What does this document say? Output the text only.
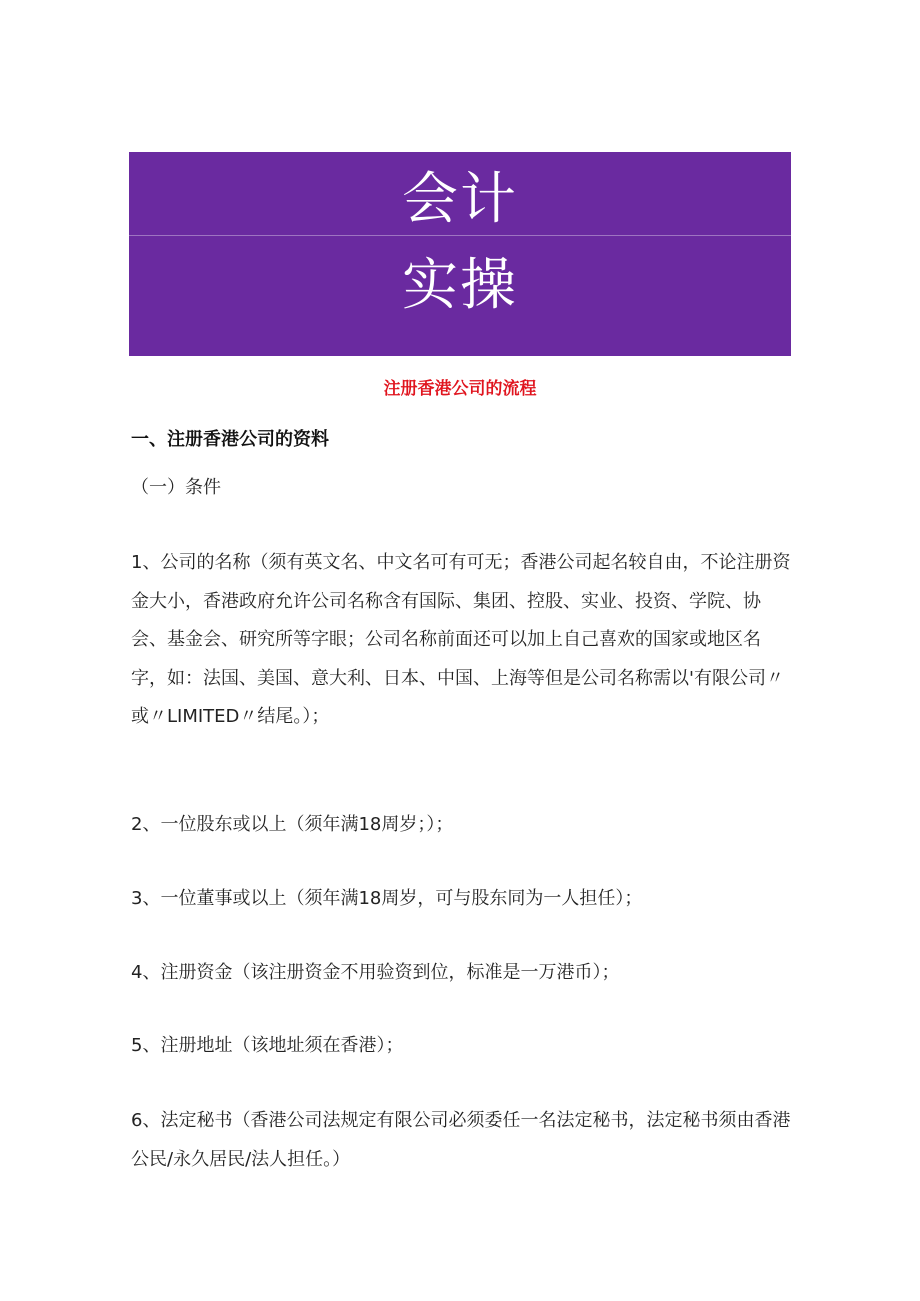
会计
实操
注册香港公司的流程
一、注册香港公司的资料
（一）条件
1、公司的名称（须有英文名、中文名可有可无；香港公司起名较自由，不论注册资金大小，香港政府允许公司名称含有国际、集团、控股、实业、投资、学院、协会、基金会、研究所等字眼；公司名称前面还可以加上自己喜欢的国家或地区名字，如：法国、美国、意大利、日本、中国、上海等但是公司名称需以'有限公司〃或〃LIMITED〃结尾。）；
2、一位股东或以上（须年满18周岁；）；
3、一位董事或以上（须年满18周岁，可与股东同为一人担任）；
4、注册资金（该注册资金不用验资到位，标准是一万港币）；
5、注册地址（该地址须在香港）；
6、法定秘书（香港公司法规定有限公司必须委任一名法定秘书，法定秘书须由香港公民/永久居民/法人担任。）
